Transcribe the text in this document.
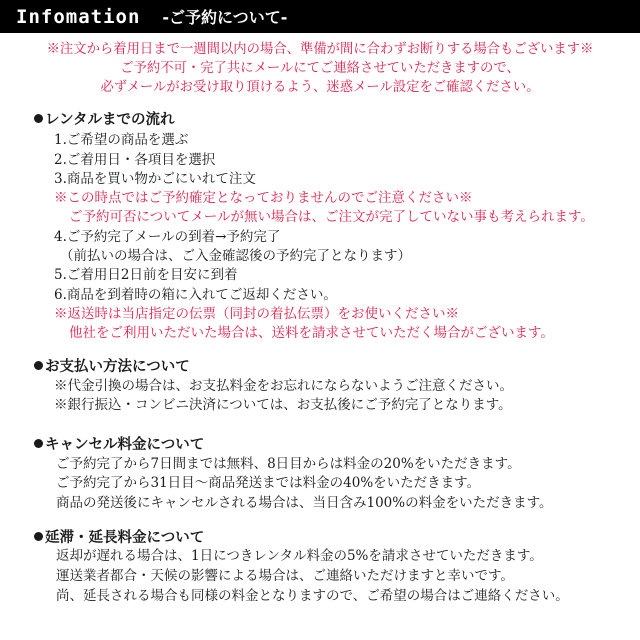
Infomation -ご予約について-
※注文から着用日まで一週間以内の場合、準備が間に合わずお断りする場合もございます※
ご予約不可・完了共にメールにてご連絡させていただきますので、
必ずメールがお受け取り頂けるよう、迷惑メール設定をご確認ください。
レンタルまでの流れ
1.ご希望の商品を選ぶ
2.ご着用日・各項目を選択
3.商品を買い物かごにいれて注文
※この時点ではご予約確定となっておりませんのでご注意ください※
ご予約可否についてメールが無い場合は、ご注文が完了していない事も考えられます。
4.ご予約完了メールの到着→予約完了
（前払いの場合は、ご入金確認後の予約完了となります）
5.ご着用日2日前を目安に到着
6.商品を到着時の箱に入れてご返却ください。
※返送時は当店指定の伝票（同封の着払伝票）をお使いください※
他社をご利用いただいた場合は、送料を請求させていただく場合がございます。
お支払い方法について
※代金引換の場合は、お支払料金をお忘れにならないようご注意ください。
※銀行振込・コンビニ決済については、お支払後にご予約完了となります。
キャンセル料金について
ご予約完了から7日間までは無料、8日目からは料金の20%をいただきます。
ご予約完了から31日目～商品発送までは料金の40%をいただきます。
商品の発送後にキャンセルされる場合は、当日含み100%の料金をいただきます。
延滞・延長料金について
返却が遅れる場合は、1日につきレンタル料金の5%を請求させていただきます。
運送業者都合・天候の影響による場合は、ご連絡いただけますと幸いです。
尚、延長される場合も同様の料金となりますので、ご希望の場合はご連絡ください。
